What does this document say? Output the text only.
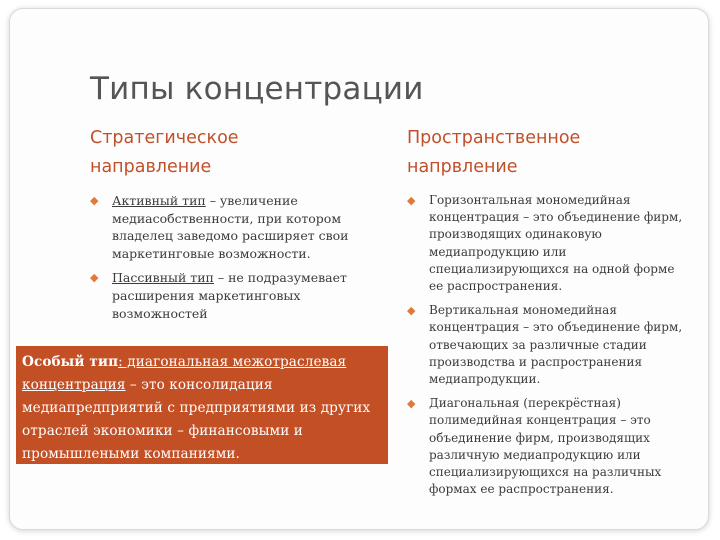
Типы концентрации
Стратегическое направление
Пространственное напрвление
◆ Активный тип – увеличение медиасобственности, при котором владелец заведомо расширяет свои маркетинговые возможности.
◆ Пассивный тип – не подразумевает расширения маркетинговых возможностей
◆ Горизонтальная мономедийная концентрация – это объединение фирм, производящих одинаковую медиапродукцию или специализирующихся на одной форме ее распространения.
◆ Вертикальная мономедийная концентрация – это объединение фирм, отвечающих за различные стадии производства и распространения медиапродукции.
◆ Диагональная (перекрёстная) полимедийная концентрация – это объединение фирм, производящих различную медиапродукцию или специализирующихся на различных формах ее распространения.
Особый тип: диагональная межотраслевая концентрация – это консолидация медиапредприятий с предприятиями из других отраслей экономики – финансовыми и промышлеными компаниями.
